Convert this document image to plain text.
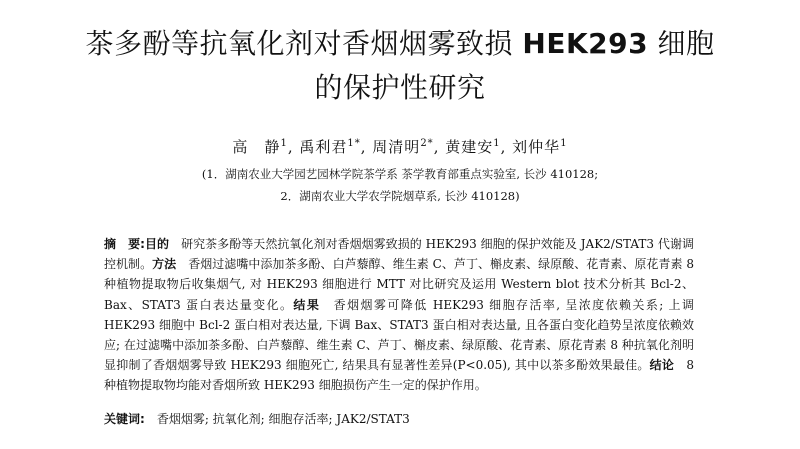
茶多酚等抗氧化剂对香烟烟雾致损 HEK293 细胞
的保护性研究
高　静$^1$, 禹利君$^{1*}$, 周清明$^{2*}$, 黄建安$^1$, 刘仲华$^1$
(1．湖南农业大学园艺园林学院茶学系 茶学教育部重点实验室, 长沙 410128;
2．湖南农业大学农学院烟草系, 长沙 410128)
摘　要:目的　研究茶多酚等天然抗氧化剂对香烟烟雾致损的 HEK293 细胞的保护效能及 JAK2/STAT3 代谢调控机制。方法　香烟过滤嘴中添加茶多酚、白芦藜醇、维生素 C、芦丁、槲皮素、绿原酸、花青素、原花青素 8 种植物提取物后收集烟气, 对 HEK293 细胞进行 MTT 对比研究及运用 Western blot 技术分析其 Bcl-2、Bax、STAT3 蛋白表达量变化。结果　香烟烟雾可降低 HEK293 细胞存活率, 呈浓度依赖关系; 上调 HEK293 细胞中 Bcl-2 蛋白相对表达量, 下调 Bax、STAT3 蛋白相对表达量, 且各蛋白变化趋势呈浓度依赖效应; 在过滤嘴中添加茶多酚、白芦藜醇、维生素 C、芦丁、槲皮素、绿原酸、花青素、原花青素 8 种抗氧化剂明显抑制了香烟烟雾导致 HEK293 细胞死亡, 结果具有显著性差异(P<0.05), 其中以茶多酚效果最佳。结论　8 种植物提取物均能对香烟所致 HEK293 细胞损伤产生一定的保护作用。
关键词:　香烟烟雾; 抗氧化剂; 细胞存活率; JAK2/STAT3
